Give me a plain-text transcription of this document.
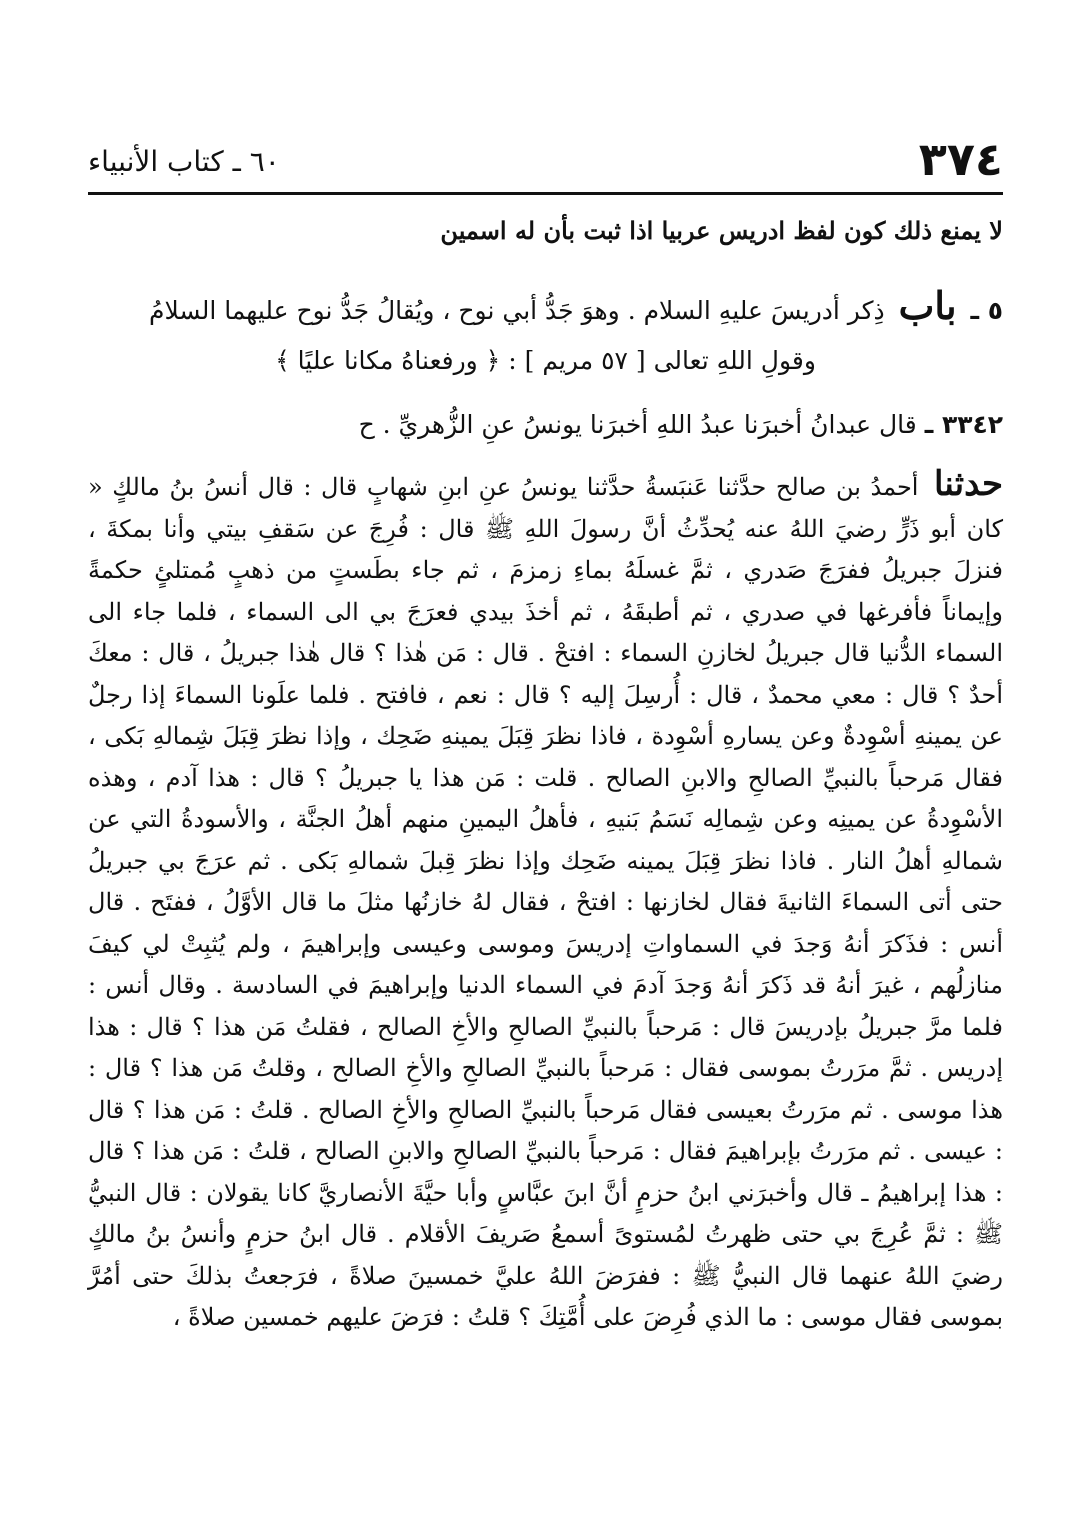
٣٧٤
٦٠ ـ كتاب الأنبياء
لا يمنع ذلك كون لفظ ادريس عربيا اذا ثبت بأن له اسمين
٥ ـ باب ذِكر أدريسَ عليهِ السلام . وهوَ جَدُّ أبي نوح ، ويُقالُ جَدُّ نوح عليهما السلامُ
وقولِ اللهِ تعالى [ ٥٧ مريم ] : ﴿ ورفعناهُ مكانا عليًا ﴾
٣٣٤٢ ـ قال عبدانُ أخبرَنا عبدُ اللهِ أخبرَنا يونسُ عنِ الزُّهريِّ . ح
حدثنا أحمدُ بن صالح حدَّثنا عَنبَسةُ حدَّثنا يونسُ عنِ ابنِ شهابٍ قال : قال أنسُ بنُ مالكٍ « كان أبو ذَرٍّ رضيَ اللهُ عنه يُحدِّثُ أنَّ رسولَ اللهِ ﷺ قال : فُرِجَ عن سَقفِ بيتي وأنا بمكةَ ، فنزلَ جبريلُ ففرَجَ صَدري ، ثمَّ غسلَهُ بماءِ زمزمَ ، ثم جاء بطَستٍ من ذهبٍ مُمتلئٍ حكمةً وإيماناً فأفرغها في صدري ، ثم أطبقَهُ ، ثم أخذَ بيدي فعرَجَ بي الى السماء ، فلما جاء الى السماء الدُّنيا قال جبريلُ لخازنِ السماء : افتحْ . قال : مَن هٰذا ؟ قال هٰذا جبريلُ ، قال : معكَ أحدٌ ؟ قال : معي محمدٌ ، قال : أُرسِلَ إليه ؟ قال : نعم ، فافتح . فلما علَونا السماءَ إذا رجلٌ عن يمينهِ أسْوِدةٌ وعن يسارهِ أسْوِدة ، فاذا نظرَ قِبَلَ يمينهِ ضَحِك ، وإذا نظرَ قِبَلَ شِمالهِ بَكى ، فقال مَرحباً بالنبيِّ الصالحِ والابنِ الصالح . قلت : مَن هذا يا جبريلُ ؟ قال : هذا آدم ، وهذه الأسْوِدةُ عن يمينِه وعن شِمالِه نَسَمُ بَنيهِ ، فأهلُ اليمينِ منهم أهلُ الجنَّة ، والأسودةُ التي عن شمالهِ أهلُ النار . فاذا نظرَ قِبَلَ يمينه ضَحِك وإذا نظرَ قِبلَ شمالهِ بَكى . ثم عرَجَ بي جبريلُ حتى أتى السماءَ الثانيةَ فقال لخازنها : افتحْ ، فقال لهُ خازنُها مثلَ ما قال الأوَّلُ ، ففتَح . قال أنس : فذَكرَ أنهُ وَجدَ في السماواتِ إدريسَ وموسى وعيسى وإبراهيمَ ، ولم يُثبِتْ لي كيفَ منازلُهم ، غيرَ أنهُ قد ذَكرَ أنهُ وَجدَ آدمَ في السماء الدنيا وإبراهيمَ في السادسة . وقال أنس : فلما مرَّ جبريلُ بإدريسَ قال : مَرحباً بالنبيِّ الصالحِ والأخِ الصالح ، فقلتُ مَن هذا ؟ قال : هذا إدريس . ثمَّ مرَرتُ بموسى فقال : مَرحباً بالنبيِّ الصالحِ والأخِ الصالح ، وقلتُ مَن هذا ؟ قال : هذا موسى . ثم مرَرتُ بعيسى فقال مَرحباً بالنبيِّ الصالحِ والأخِ الصالح . قلتُ : مَن هذا ؟ قال : عيسى . ثم مرَرتُ بإبراهيمَ فقال : مَرحباً بالنبيِّ الصالحِ والابنِ الصالح ، قلتُ : مَن هذا ؟ قال : هذا إبراهيمُ ـ قال وأخبرَني ابنُ حزمٍ أنَّ ابنَ عبَّاسٍ وأبا حيَّةَ الأنصاريَّ كانا يقولان : قال النبيُّ ﷺ : ثمَّ عُرِجَ بي حتى ظهرتُ لمُستوىً أسمعُ صَريفَ الأقلام . قال ابنُ حزمٍ وأنسُ بنُ مالكٍ رضيَ اللهُ عنهما قال النبيُّ ﷺ : ففرَضَ اللهُ عليَّ خمسينَ صلاةً ، فرَجعتُ بذلكَ حتى أمُرَّ بموسى فقال موسى : ما الذي فُرِضَ على أُمَّتِكَ ؟ قلتُ : فرَضَ عليهم خمسين صلاةً ،
